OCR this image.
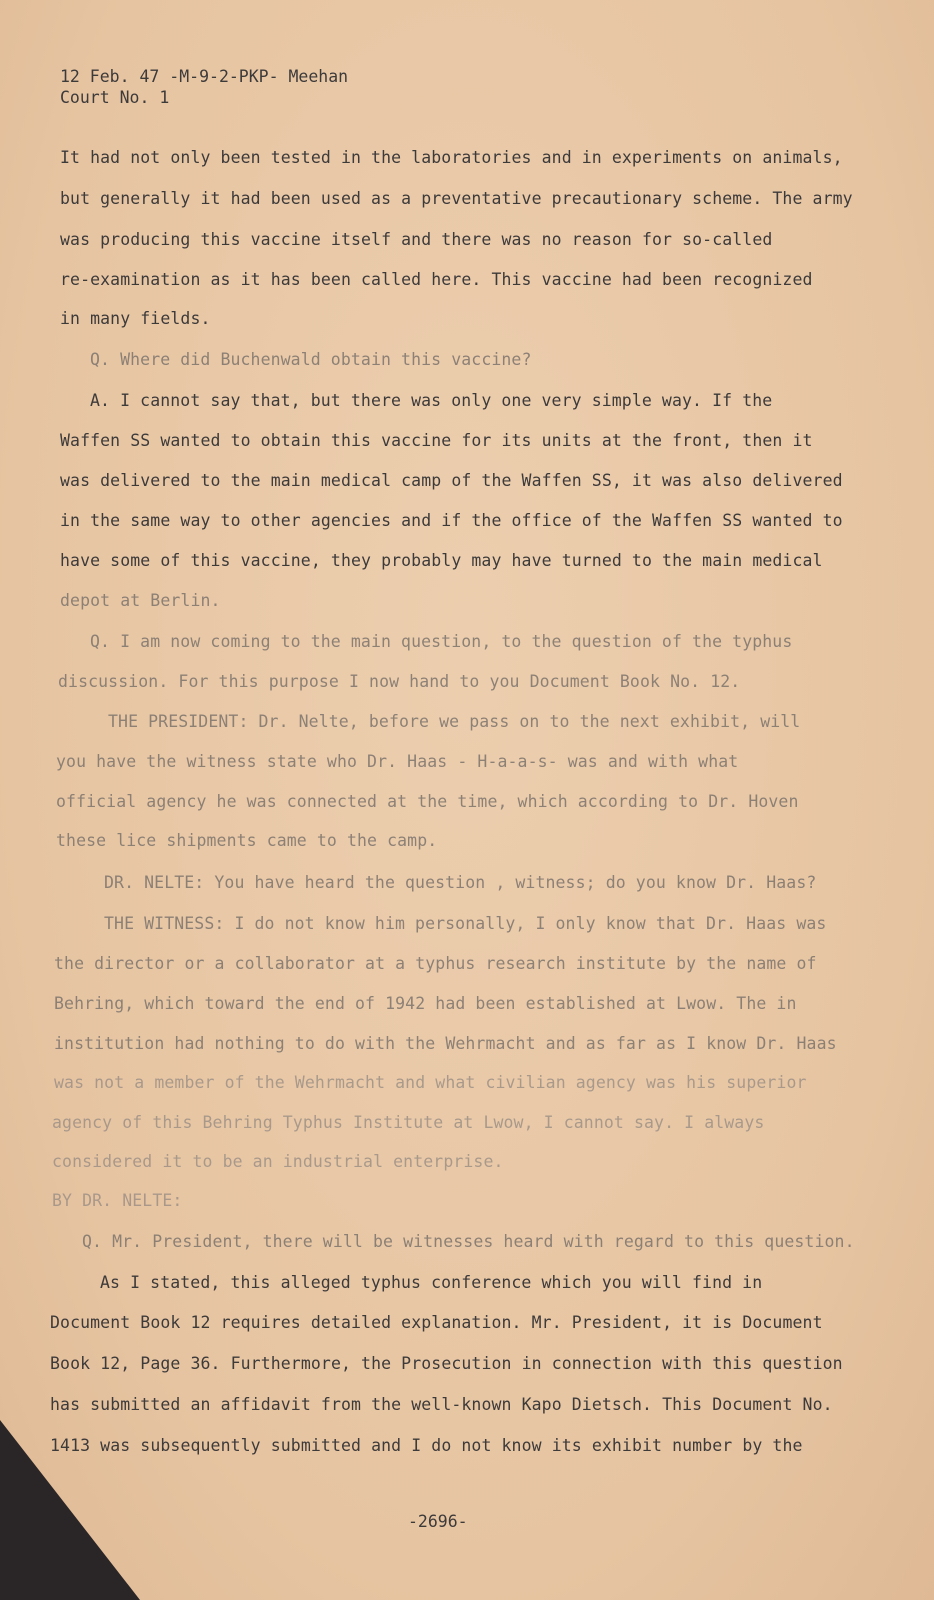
12 Feb. 47 -M-9-2-PKP- Meehan
Court No. 1
It had not only been tested in the laboratories and in experiments on animals,
but generally it had been used as a preventative precautionary scheme. The army
was producing this vaccine itself and there was no reason for so-called
re-examination as it has been called here. This vaccine had been recognized
in many fields.
Q. Where did Buchenwald obtain this vaccine?
A. I cannot say that, but there was only one very simple way. If the
Waffen SS wanted to obtain this vaccine for its units at the front, then it
was delivered to the main medical camp of the Waffen SS, it was also delivered
in the same way to other agencies and if the office of the Waffen SS wanted to
have some of this vaccine, they probably may have turned to the main medical
depot at Berlin.
Q. I am now coming to the main question, to the question of the typhus
discussion. For this purpose I now hand to you Document Book No. 12.
THE PRESIDENT: Dr. Nelte, before we pass on to the next exhibit, will
you have the witness state who Dr. Haas - H-a-a-s- was and with what
official agency he was connected at the time, which according to Dr. Hoven
these lice shipments came to the camp.
DR. NELTE: You have heard the question , witness; do you know Dr. Haas?
THE WITNESS: I do not know him personally, I only know that Dr. Haas was
the director or a collaborator at a typhus research institute by the name of
Behring, which toward the end of 1942 had been established at Lwow. The in
institution had nothing to do with the Wehrmacht and as far as I know Dr. Haas
was not a member of the Wehrmacht and what civilian agency was his superior
agency of this Behring Typhus Institute at Lwow, I cannot say. I always
considered it to be an industrial enterprise.
BY DR. NELTE:
Q. Mr. President, there will be witnesses heard with regard to this question.
As I stated, this alleged typhus conference which you will find in
Document Book 12 requires detailed explanation. Mr. President, it is Document
Book 12, Page 36. Furthermore, the Prosecution in connection with this question
has submitted an affidavit from the well-known Kapo Dietsch. This Document No.
1413 was subsequently submitted and I do not know its exhibit number by the
-2696-
